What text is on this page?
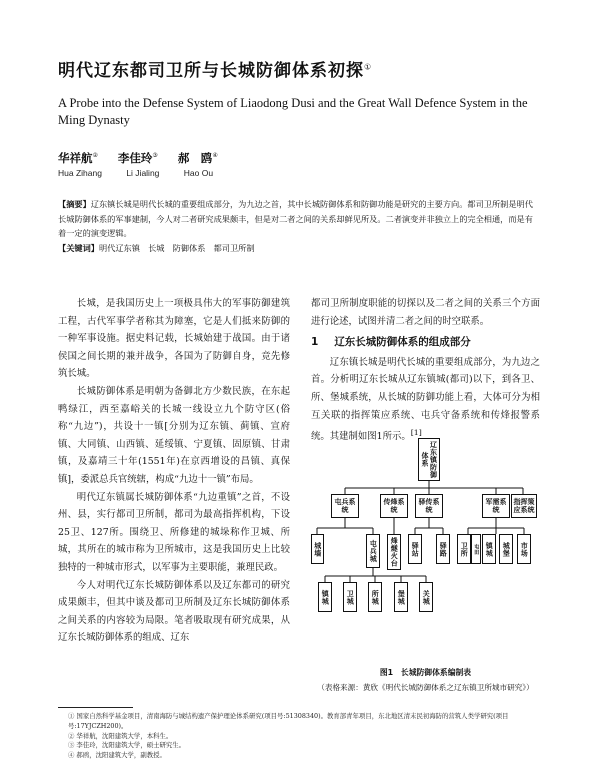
明代辽东都司卫所与长城防御体系初探①
A Probe into the Defense System of Liaodong Dusi and the Great Wall Defence System in the Ming Dynasty
华祥航② 李佳玲③ 郝　鸥④
Hua Zihang	Li Jialing	Hao Ou
【摘要】辽东镇长城是明代长城的重要组成部分，为九边之首，其中长城防御体系和防御功能是研究的主要方向。都司卫所制是明代长城防御体系的军事建制，今人对二者研究成果颇丰，但是对二者之间的关系却鲜见所及。二者演变并非独立上的完全相通，而是有着一定的演变逻辑。
【关键词】明代辽东镇　长城　防御体系　都司卫所制

长城，是我国历史上一项极具伟大的军事防御建筑工程，古代军事学者称其为障塞，它是人们抵来防御的一种军事设施。据史料记载，长城始建于战国。由于诸侯国之间长期的兼并战争，各国为了防御自身，竞先修筑长城。

长城防御体系是明朝为备御北方少数民族，在东起鸭绿江，西至嘉峪关的长城一线设立九个防守区(俗称“九边”)，共设十一镇[分别为辽东镇、蓟镇、宣府镇、大同镇、山西镇、延绥镇、宁夏镇、固原镇、甘肃镇，及嘉靖三十年(1551年)在京西增设的昌镇、真保镇]，委派总兵官统辖，构成“九边十一镇”布局。

明代辽东镇属长城防御体系“九边重镇”之首，不设州、县，实行都司卫所制，都司为最高指挥机构，下设25卫、127所。围绕卫、所修建的城垛称作卫城、所城，其所在的城市称为卫所城市，这是我国历史上比较独特的一种城市形式，以军事为主要职能，兼理民政。

今人对明代辽东长城防御体系以及辽东都司的研究成果颇丰，但其中谈及都司卫所制及辽东长城防御体系之间关系的内容较为局限。笔者吸取现有研究成果，从辽东长城防御体系的组成、辽东

都司卫所制度职能的切探以及二者之间的关系三个方面进行论述，试图并清二者之间的时空联系。

1 辽东长城防御体系的组成部分

辽东镇长城是明代长城的重要组成部分，为九边之首。分析明辽东长城从辽东镇城(都司)以下，到各卫、所、堡城系统，从长城的防御功能上看，大体可分为相互关联的指挥策应系统、屯兵守备系统和传烽报警系统。其建制如图1所示。[1]

辽东镇防御体系
屯兵系统
传烽系统
驿传系统
军需系统
指挥策应系统
城墙	屯兵城	烽燧火台	驿站	驿路	卫所	屯田 镇城	城堡	市场
镇城	卫城	所城	堡城	关城
图1　长城防御体系编制表
（表格来源：黄欣《明代长城防御体系之辽东镇卫所城市研究》）
① 国家自然科学基金项目，清南海防与城结构遗产保护理论体系研究(项目号:51308340)。教育部青年项目，东北地区清末民初海防的营筑人类学研究(项目号:17YJCZH200)。
② 华祥航，沈阳建筑大学，本科生。
③ 李佳玲，沈阳建筑大学，硕士研究生。
④ 郝鸥，沈阳建筑大学，副教授。
